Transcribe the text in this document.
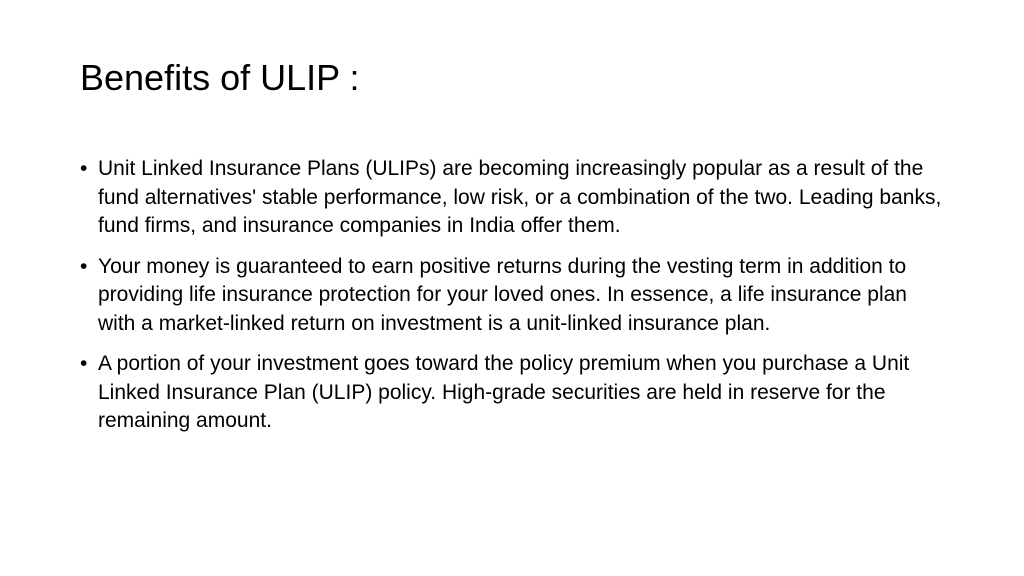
Benefits of ULIP :
• Unit Linked Insurance Plans (ULIPs) are becoming increasingly popular as a result of the fund alternatives' stable performance, low risk, or a combination of the two. Leading banks, fund firms, and insurance companies in India offer them.
• Your money is guaranteed to earn positive returns during the vesting term in addition to providing life insurance protection for your loved ones. In essence, a life insurance plan with a market-linked return on investment is a unit-linked insurance plan.
• A portion of your investment goes toward the policy premium when you purchase a Unit Linked Insurance Plan (ULIP) policy. High-grade securities are held in reserve for the remaining amount.
